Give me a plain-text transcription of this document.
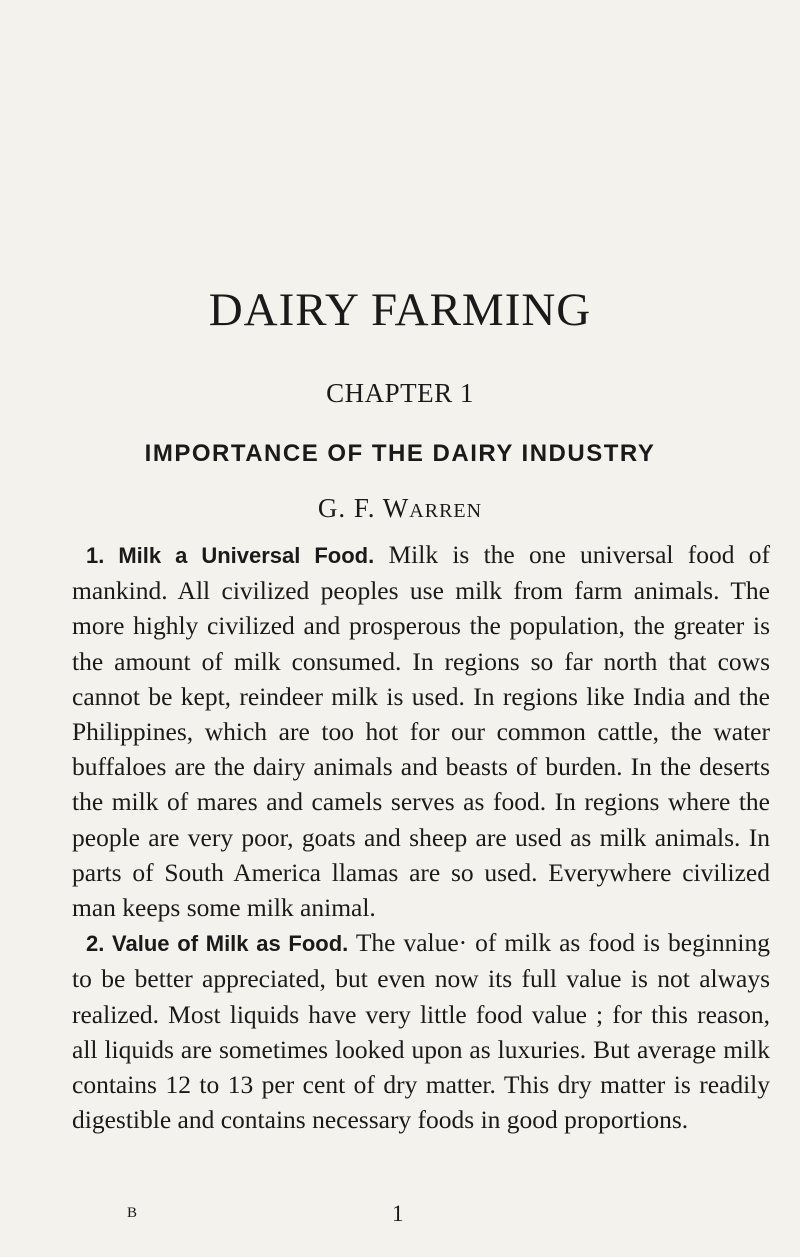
DAIRY FARMING
CHAPTER 1
IMPORTANCE OF THE DAIRY INDUSTRY
G. F. WARREN

1. Milk a Universal Food. Milk is the one universal food of mankind. All civilized peoples use milk from farm animals. The more highly civilized and prosperous the population, the greater is the amount of milk consumed. In regions so far north that cows cannot be kept, reindeer milk is used. In regions like India and the Philippines, which are too hot for our common cattle, the water buffaloes are the dairy animals and beasts of burden. In the deserts the milk of mares and camels serves as food. In regions where the people are very poor, goats and sheep are used as milk animals. In parts of South America llamas are so used. Everywhere civilized man keeps some milk animal.

2. Value of Milk as Food. The value· of milk as food is beginning to be better appreciated, but even now its full value is not always realized. Most liquids have very little food value ; for this reason, all liquids are sometimes looked upon as luxuries. But average milk contains 12 to 13 per cent of dry matter. This dry matter is readily digestible and contains necessary foods in good proportions.

B	1
